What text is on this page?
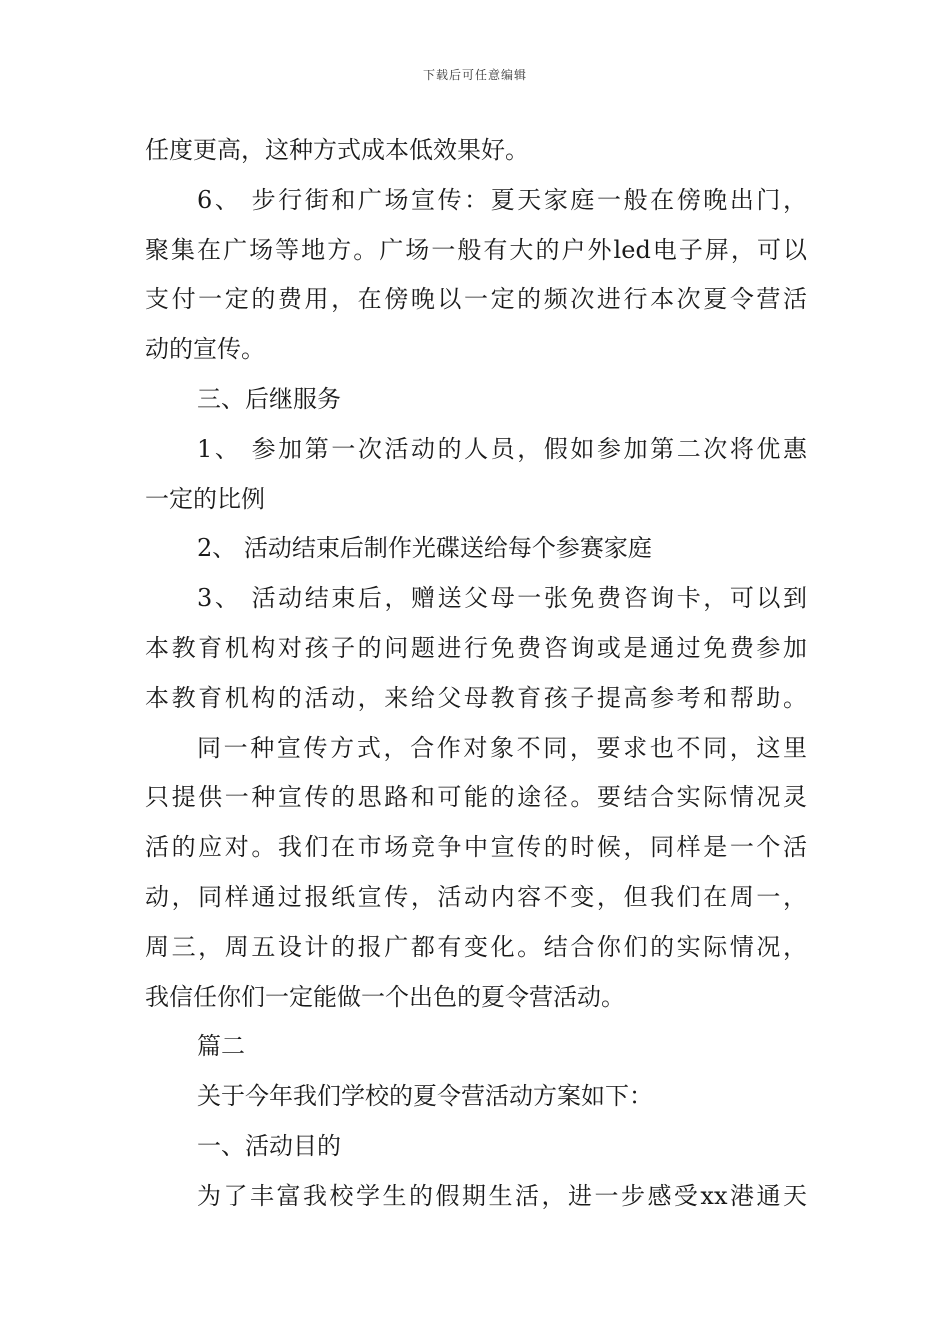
下载后可任意编辑
任度更高，这种方式成本低效果好。
6、 步行街和广场宣传：夏天家庭一般在傍晚出门，
聚集在广场等地方。广场一般有大的户外led电子屏，可以
支付一定的费用，在傍晚以一定的频次进行本次夏令营活
动的宣传。
三、后继服务
1、 参加第一次活动的人员，假如参加第二次将优惠
一定的比例
2、 活动结束后制作光碟送给每个参赛家庭
3、 活动结束后，赠送父母一张免费咨询卡，可以到
本教育机构对孩子的问题进行免费咨询或是通过免费参加
本教育机构的活动，来给父母教育孩子提高参考和帮助。
同一种宣传方式，合作对象不同，要求也不同，这里
只提供一种宣传的思路和可能的途径。要结合实际情况灵
活的应对。我们在市场竞争中宣传的时候，同样是一个活
动，同样通过报纸宣传，活动内容不变，但我们在周一，
周三，周五设计的报广都有变化。结合你们的实际情况，
我信任你们一定能做一个出色的夏令营活动。
篇二
关于今年我们学校的夏令营活动方案如下：
一、活动目的
为了丰富我校学生的假期生活，进一步感受xx港通天
